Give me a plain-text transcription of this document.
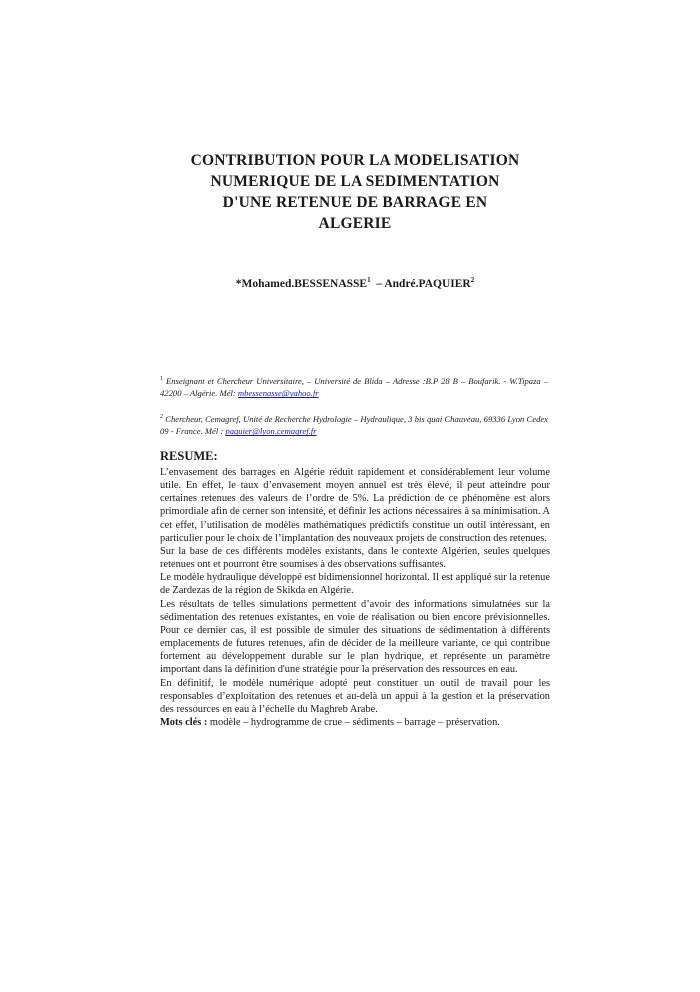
CONTRIBUTION POUR LA MODELISATION
NUMERIQUE DE LA SEDIMENTATION
D'UNE RETENUE DE BARRAGE EN
ALGERIE
*Mohamed.BESSENASSE$^1$  – André.PAQUIER$^2$
$^1$ Enseignant et Chercheur Universitaire, – Université de Blida – Adresse :B.P 28 B – Boufarik. - W.Tipaza – 42200 – Algérie. Mél: mbessenasse@yahoo.fr
$^2$ Chercheur, Cemagref, Unité de Recherche Hydrologie – Hydraulique, 3 bis quai Chauveau, 69336 Lyon Cedex 09 - France. Mél : paquier@lyon.cemagref.fr
RESUME:

L’envasement des barrages en Algérie réduit rapidement et considérablement leur volume utile. En effet, le taux d’envasement moyen annuel est très élevé, il peut atteindre pour certaines retenues des valeurs de l’ordre de 5%. La prédiction de ce phénomène est alors primordiale afin de cerner son intensité, et définir les actions nécessaires à sa minimisation. A cet effet, l’utilisation de modèles mathématiques prédictifs constitue un outil intéressant, en particulier pour le choix de l’implantation des nouveaux projets de construction des retenues.

Sur la base de ces différents modèles existants, dans le contexte Algérien, seules quelques retenues ont et pourront être soumises à des observations suffisantes.

Le modèle hydraulique développé est bidimensionnel horizontal. Il est appliqué sur la retenue de Zardezas de la région de Skikda en Algérie.

Les résultats de telles simulations permettent d’avoir des informations simulatnées sur la sédimentation des retenues existantes, en voie de réalisation ou bien encore prévisionnelles. Pour ce dernier cas, il est possible de simuler des situations de sédimentation à différents emplacements de futures retenues, afin de décider de la meilleure variante, ce qui contribue fortement au développement durable sur le plan hydrique, et représente un paramètre important dans la définition d'une stratégie pour la préservation des ressources en eau.

En définitif, le modèle numérique adopté peut constituer un outil de travail pour les responsables d’exploitation des retenues et au-delà un appui à la gestion et la préservation des ressources en eau à l’échelle du Maghreb Arabe.

Mots clés : modèle – hydrogramme de crue – sédiments – barrage – préservation.
